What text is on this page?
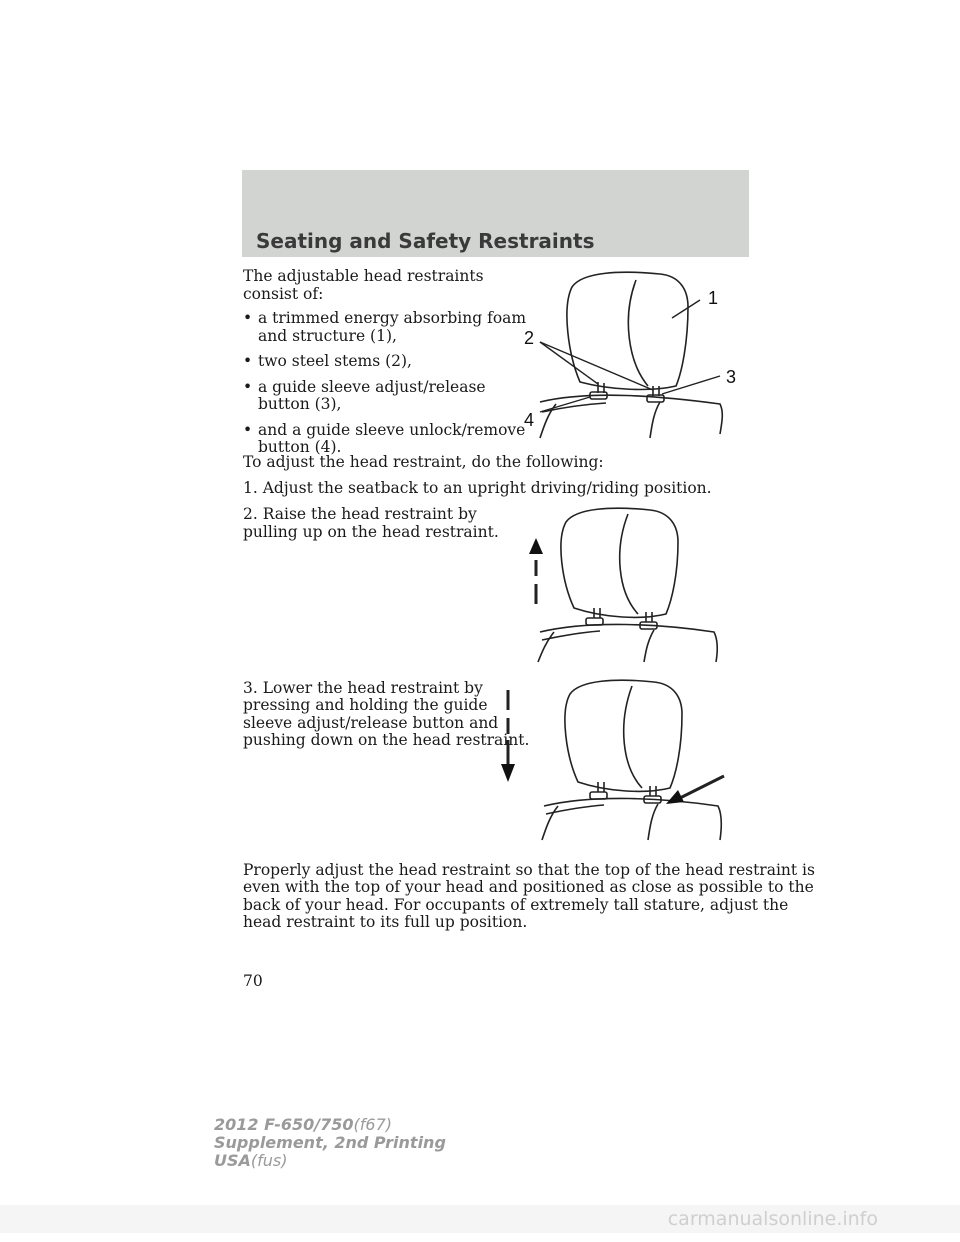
Seating and Safety Restraints

The adjustable head restraints

consist of:

• a trimmed energy absorbing foam
and structure (1),
• two steel stems (2),
• a guide sleeve adjust/release
button (3),
• and a guide sleeve unlock/remove
button (4).

To adjust the head restraint, do the following:

1. Adjust the seatback to an upright driving/riding position.

2. Raise the head restraint by

pulling up on the head restraint.

3. Lower the head restraint by

pressing and holding the guide

sleeve adjust/release button and

pushing down on the head restraint.

Properly adjust the head restraint so that the top of the head restraint is

even with the top of your head and positioned as close as possible to the

back of your head. For occupants of extremely tall stature, adjust the

head restraint to its full up position.

1
2
3
4

70

2012 F-650/750(f67)
Supplement, 2nd Printing
USA(fus)
carmanualsonline.info
